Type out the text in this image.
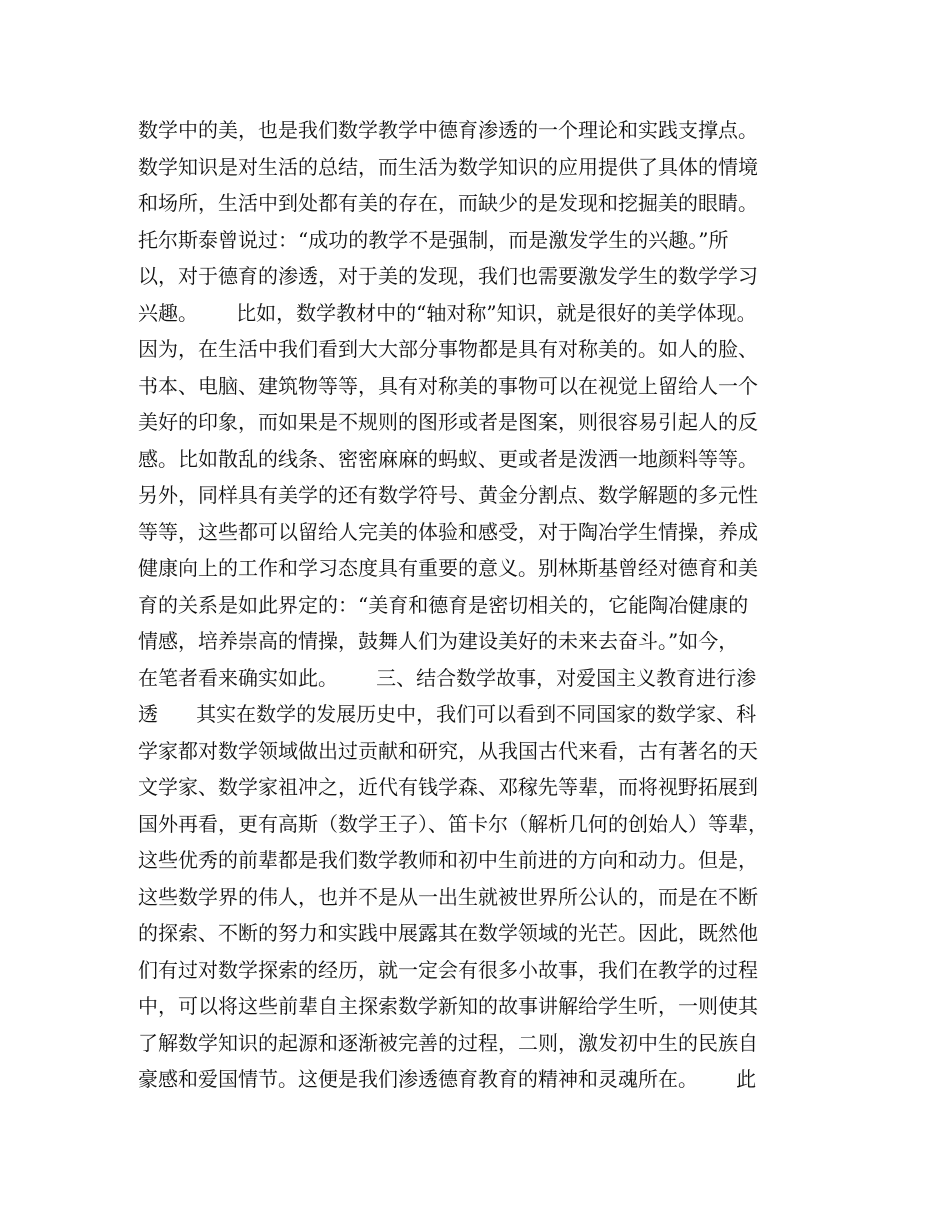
数学中的美，也是我们数学教学中德育渗透的一个理论和实践支撑点。
数学知识是对生活的总结，而生活为数学知识的应用提供了具体的情境
和场所，生活中到处都有美的存在，而缺少的是发现和挖掘美的眼睛。
托尔斯泰曾说过：“成功的教学不是强制，而是激发学生的兴趣。”所
以，对于德育的渗透，对于美的发现，我们也需要激发学生的数学学习
兴趣。      比如，数学教材中的“轴对称”知识，就是很好的美学体现。
因为，在生活中我们看到大大部分事物都是具有对称美的。如人的脸、
书本、电脑、建筑物等等，具有对称美的事物可以在视觉上留给人一个
美好的印象，而如果是不规则的图形或者是图案，则很容易引起人的反
感。比如散乱的线条、密密麻麻的蚂蚁、更或者是泼洒一地颜料等等。
另外，同样具有美学的还有数学符号、黄金分割点、数学解题的多元性
等等，这些都可以留给人完美的体验和感受，对于陶冶学生情操，养成
健康向上的工作和学习态度具有重要的意义。别林斯基曾经对德育和美
育的关系是如此界定的：“美育和德育是密切相关的，它能陶冶健康的
情感，培养崇高的情操，鼓舞人们为建设美好的未来去奋斗。”如今，
在笔者看来确实如此。      三、结合数学故事，对爱国主义教育进行渗
透      其实在数学的发展历史中，我们可以看到不同国家的数学家、科
学家都对数学领域做出过贡献和研究，从我国古代来看，古有著名的天
文学家、数学家祖冲之，近代有钱学森、邓稼先等辈，而将视野拓展到
国外再看，更有高斯（数学王子）、笛卡尔（解析几何的创始人）等辈，
这些优秀的前辈都是我们数学教师和初中生前进的方向和动力。但是，
这些数学界的伟人，也并不是从一出生就被世界所公认的，而是在不断
的探索、不断的努力和实践中展露其在数学领域的光芒。因此，既然他
们有过对数学探索的经历，就一定会有很多小故事，我们在教学的过程
中，可以将这些前辈自主探索数学新知的故事讲解给学生听，一则使其
了解数学知识的起源和逐渐被完善的过程，二则，激发初中生的民族自
豪感和爱国情节。这便是我们渗透德育教育的精神和灵魂所在。      此
